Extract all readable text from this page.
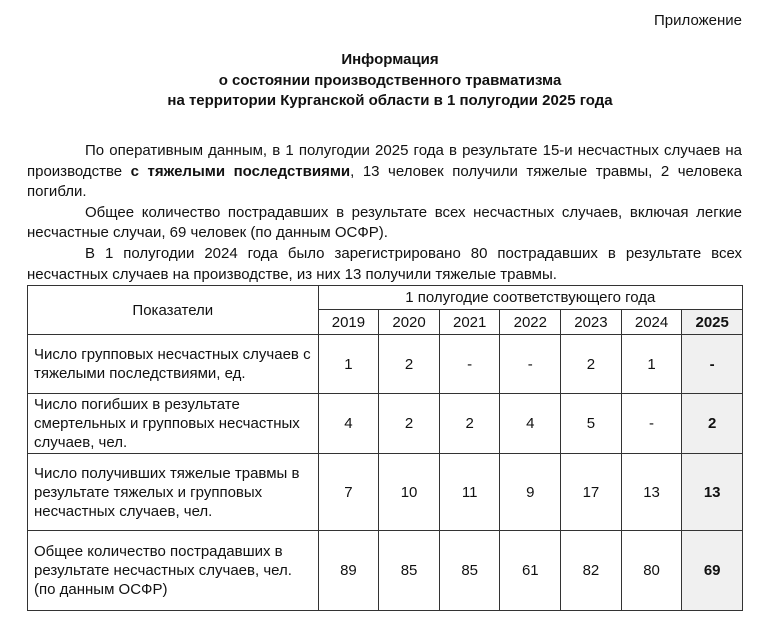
Приложение
Информация
о состоянии производственного травматизма
на территории Курганской области в 1 полугодии 2025 года

По оперативным данным, в 1 полугодии 2025 года в результате 15-и несчастных случаев на производстве с тяжелыми последствиями, 13 человек получили тяжелые травмы, 2 человека погибли.

Общее количество пострадавших в результате всех несчастных случаев, включая легкие несчастные случаи, 69 человек (по данным ОСФР).

В 1 полугодии 2024 года было зарегистрировано 80 пострадавших в результате всех несчастных случаев на производстве, из них 13 получили тяжелые травмы.

Показатели	1 полугодие соответствующего года						
	2019	2020	2021	2022	2023	2024	2025
Число групповых несчастных случаев с тяжелыми последствиями, ед.	1	2	-	-	2	1	-
Число погибших в результате смертельных и групповых несчастных случаев, чел.	4	2	2	4	5	-	2
Число получивших тяжелые травмы в результате тяжелых и групповых несчастных случаев, чел.	7	10	11	9	17	13	13
Общее количество пострадавших в результате несчастных случаев, чел. (по данным ОСФР)	89	85	85	61	82	80	69
